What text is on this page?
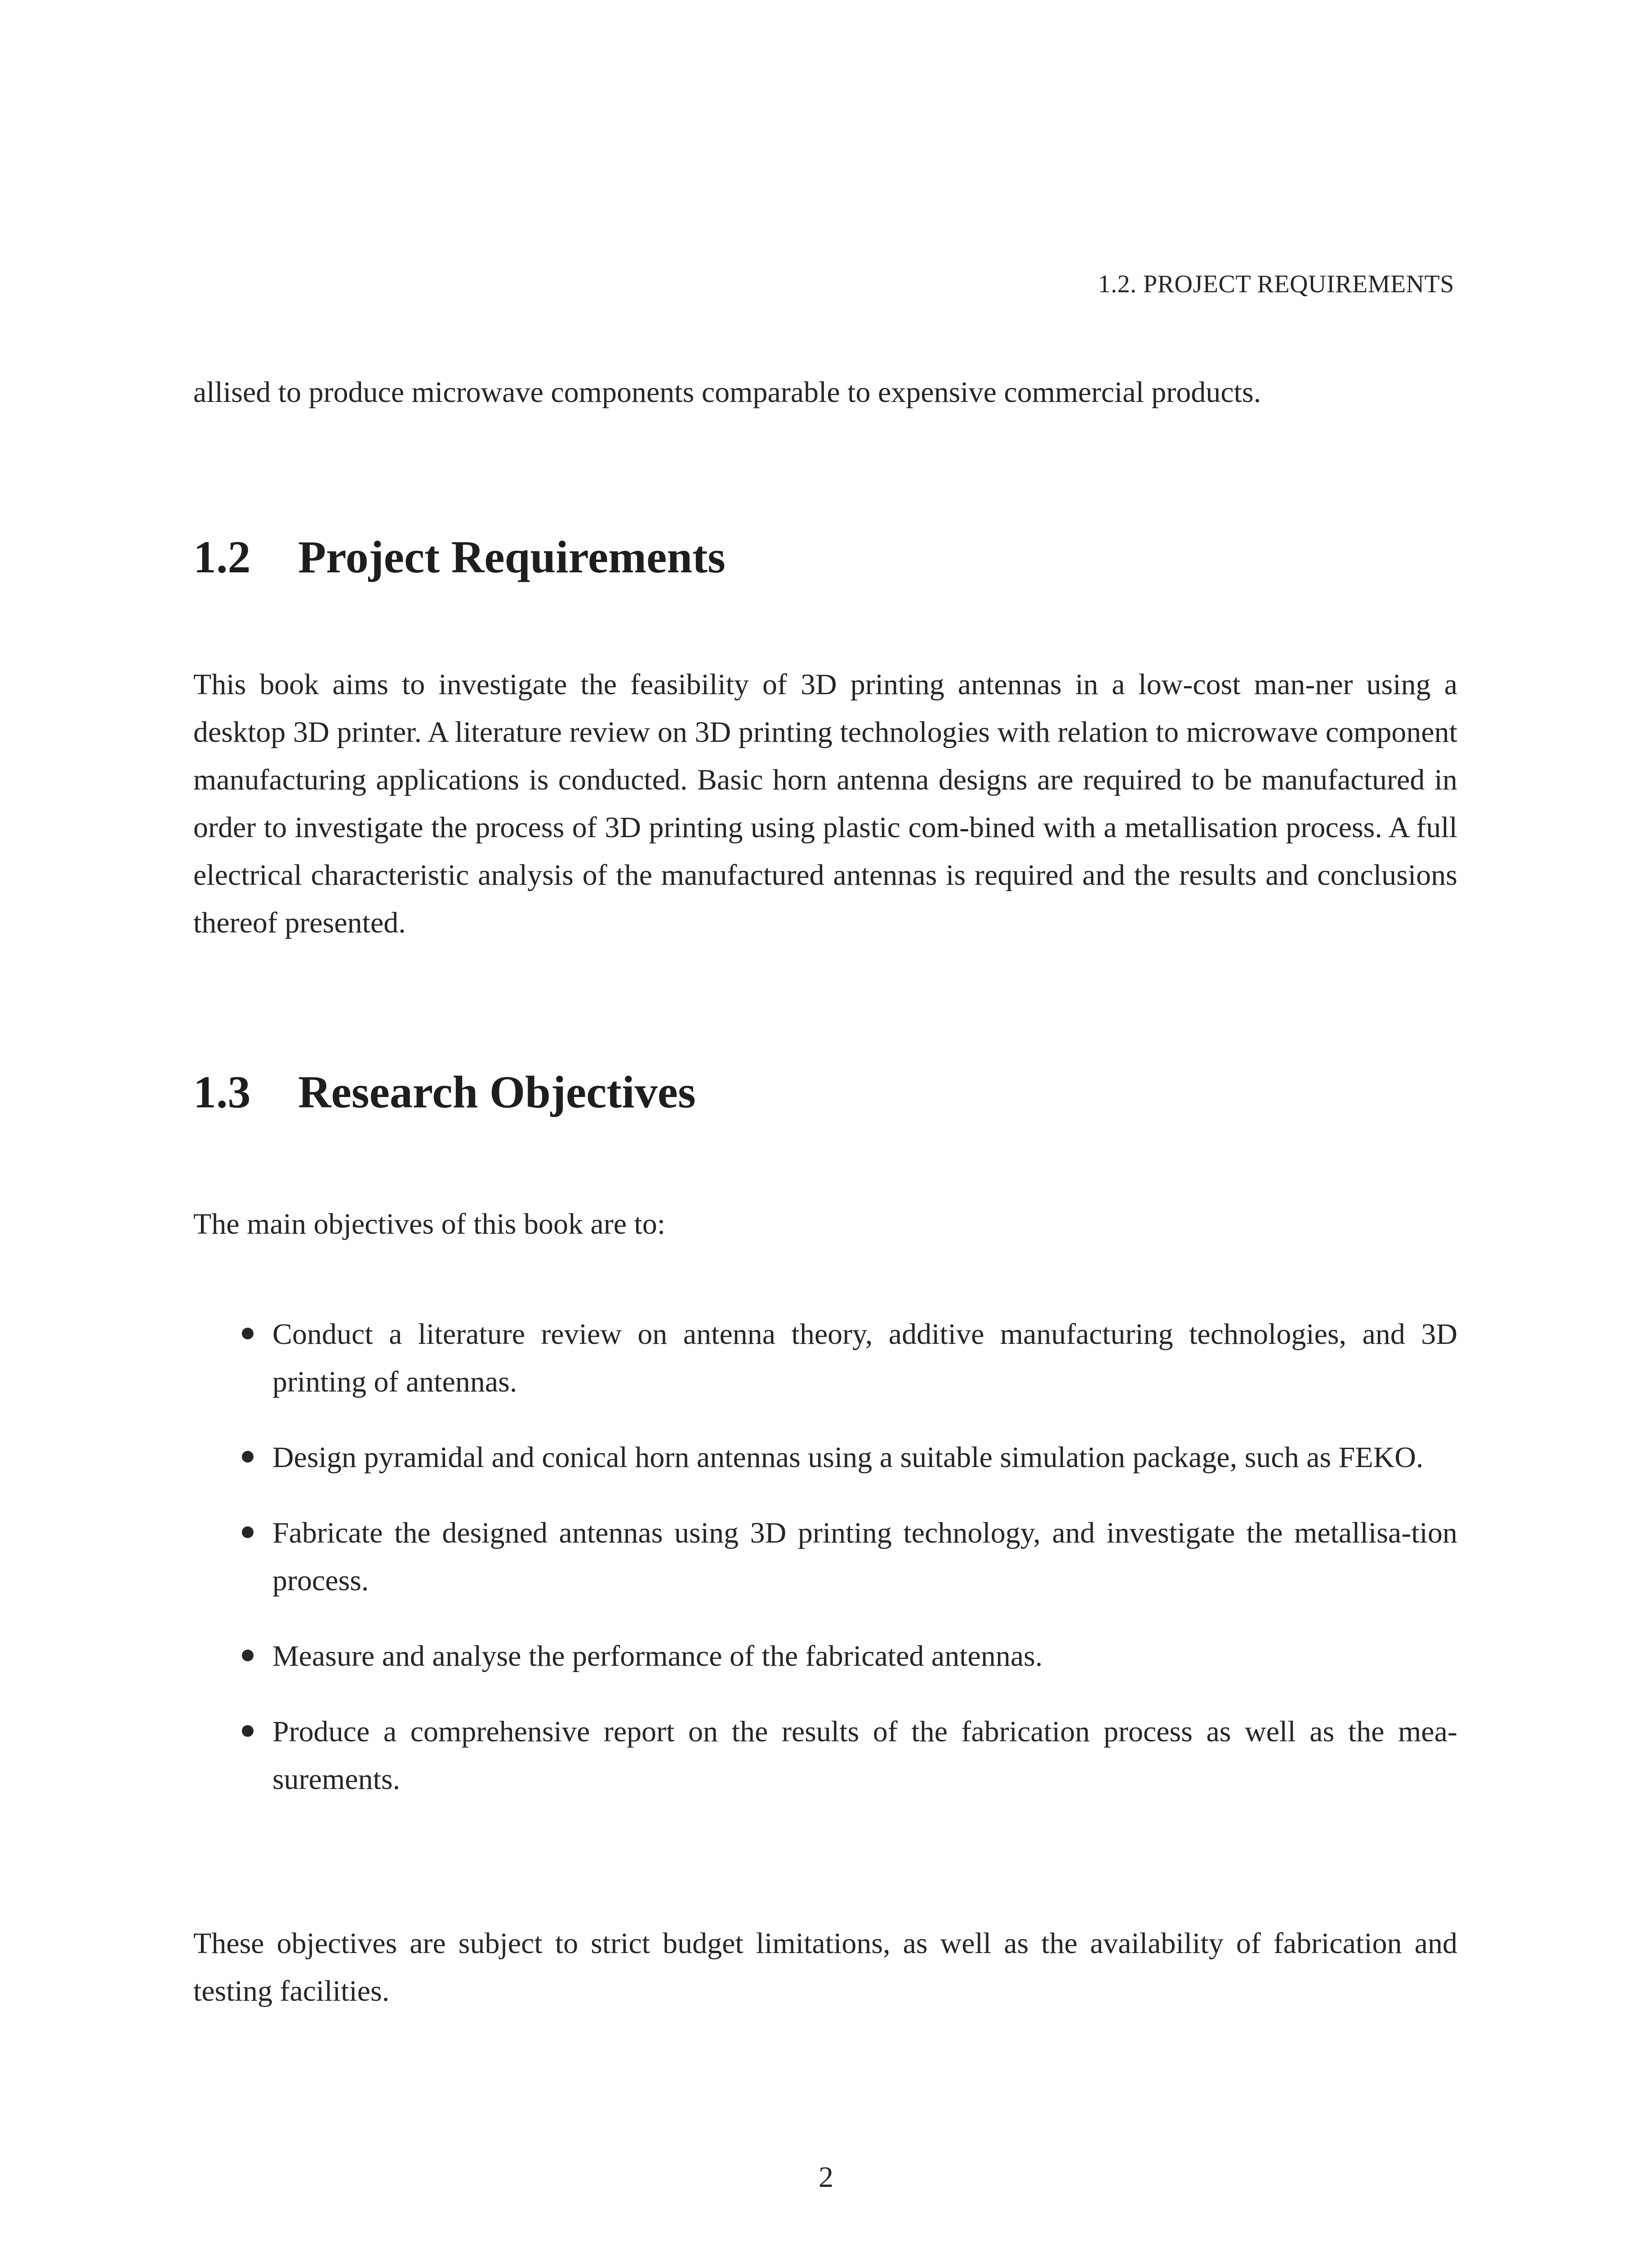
1.2. PROJECT REQUIREMENTS
allised to produce microwave components comparable to expensive commercial products.
1.2 Project Requirements
This book aims to investigate the feasibility of 3D printing antennas in a low-cost man-ner using a desktop 3D printer. A literature review on 3D printing technologies with relation to microwave component manufacturing applications is conducted. Basic horn antenna designs are required to be manufactured in order to investigate the process of 3D printing using plastic com-bined with a metallisation process. A full electrical characteristic analysis of the manufactured antennas is required and the results and conclusions thereof presented.
1.3 Research Objectives
The main objectives of this book are to:
Conduct a literature review on antenna theory, additive manufacturing technologies, and 3D printing of antennas.
Design pyramidal and conical horn antennas using a suitable simulation package, such as FEKO.
Fabricate the designed antennas using 3D printing technology, and investigate the metallisa-tion process.
Measure and analyse the performance of the fabricated antennas.
Produce a comprehensive report on the results of the fabrication process as well as the mea-surements.
These objectives are subject to strict budget limitations, as well as the availability of fabrication and testing facilities.
2
